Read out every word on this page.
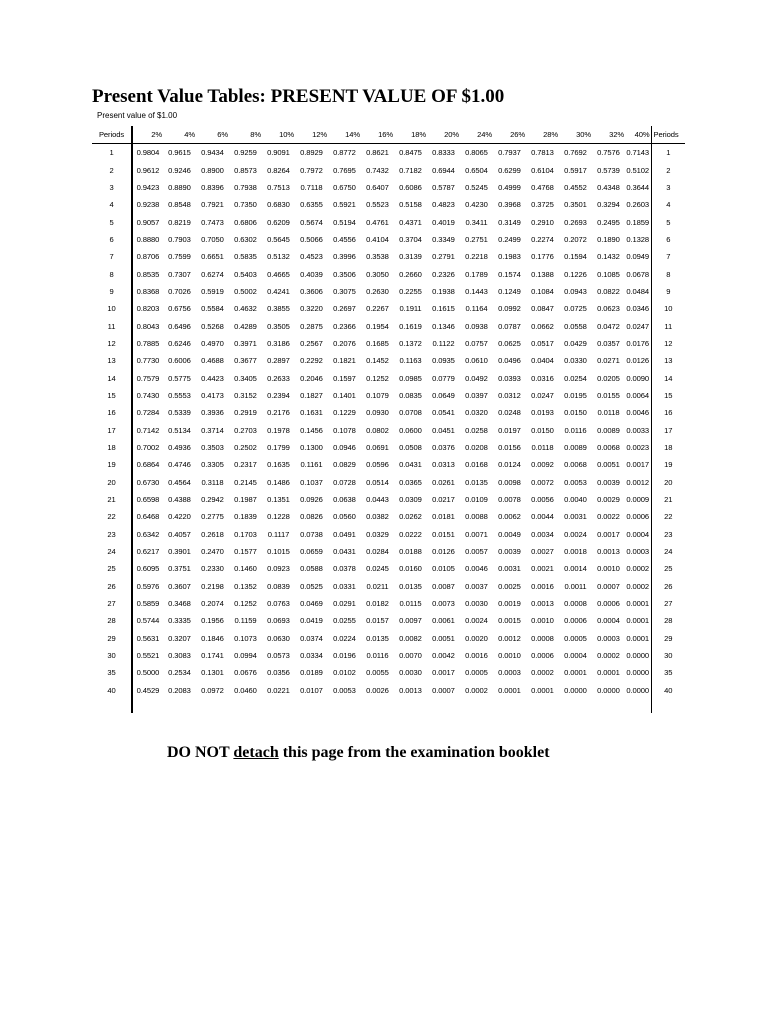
Present Value Tables: PRESENT VALUE OF $1.00
Present value of $1.00
Periods	2%	4%	6%	8%	10%	12%	14%	16%	18%	20%	24%	26%	28%	30%	32%	40%	Periods
1	0.9804	0.9615	0.9434	0.9259	0.9091	0.8929	0.8772	0.8621	0.8475	0.8333	0.8065	0.7937	0.7813	0.7692	0.7576	0.7143	1
2	0.9612	0.9246	0.8900	0.8573	0.8264	0.7972	0.7695	0.7432	0.7182	0.6944	0.6504	0.6299	0.6104	0.5917	0.5739	0.5102	2
3	0.9423	0.8890	0.8396	0.7938	0.7513	0.7118	0.6750	0.6407	0.6086	0.5787	0.5245	0.4999	0.4768	0.4552	0.4348	0.3644	3
4	0.9238	0.8548	0.7921	0.7350	0.6830	0.6355	0.5921	0.5523	0.5158	0.4823	0.4230	0.3968	0.3725	0.3501	0.3294	0.2603	4
5	0.9057	0.8219	0.7473	0.6806	0.6209	0.5674	0.5194	0.4761	0.4371	0.4019	0.3411	0.3149	0.2910	0.2693	0.2495	0.1859	5
6	0.8880	0.7903	0.7050	0.6302	0.5645	0.5066	0.4556	0.4104	0.3704	0.3349	0.2751	0.2499	0.2274	0.2072	0.1890	0.1328	6
7	0.8706	0.7599	0.6651	0.5835	0.5132	0.4523	0.3996	0.3538	0.3139	0.2791	0.2218	0.1983	0.1776	0.1594	0.1432	0.0949	7
8	0.8535	0.7307	0.6274	0.5403	0.4665	0.4039	0.3506	0.3050	0.2660	0.2326	0.1789	0.1574	0.1388	0.1226	0.1085	0.0678	8
9	0.8368	0.7026	0.5919	0.5002	0.4241	0.3606	0.3075	0.2630	0.2255	0.1938	0.1443	0.1249	0.1084	0.0943	0.0822	0.0484	9
10	0.8203	0.6756	0.5584	0.4632	0.3855	0.3220	0.2697	0.2267	0.1911	0.1615	0.1164	0.0992	0.0847	0.0725	0.0623	0.0346	10
11	0.8043	0.6496	0.5268	0.4289	0.3505	0.2875	0.2366	0.1954	0.1619	0.1346	0.0938	0.0787	0.0662	0.0558	0.0472	0.0247	11
12	0.7885	0.6246	0.4970	0.3971	0.3186	0.2567	0.2076	0.1685	0.1372	0.1122	0.0757	0.0625	0.0517	0.0429	0.0357	0.0176	12
13	0.7730	0.6006	0.4688	0.3677	0.2897	0.2292	0.1821	0.1452	0.1163	0.0935	0.0610	0.0496	0.0404	0.0330	0.0271	0.0126	13
14	0.7579	0.5775	0.4423	0.3405	0.2633	0.2046	0.1597	0.1252	0.0985	0.0779	0.0492	0.0393	0.0316	0.0254	0.0205	0.0090	14
15	0.7430	0.5553	0.4173	0.3152	0.2394	0.1827	0.1401	0.1079	0.0835	0.0649	0.0397	0.0312	0.0247	0.0195	0.0155	0.0064	15
16	0.7284	0.5339	0.3936	0.2919	0.2176	0.1631	0.1229	0.0930	0.0708	0.0541	0.0320	0.0248	0.0193	0.0150	0.0118	0.0046	16
17	0.7142	0.5134	0.3714	0.2703	0.1978	0.1456	0.1078	0.0802	0.0600	0.0451	0.0258	0.0197	0.0150	0.0116	0.0089	0.0033	17
18	0.7002	0.4936	0.3503	0.2502	0.1799	0.1300	0.0946	0.0691	0.0508	0.0376	0.0208	0.0156	0.0118	0.0089	0.0068	0.0023	18
19	0.6864	0.4746	0.3305	0.2317	0.1635	0.1161	0.0829	0.0596	0.0431	0.0313	0.0168	0.0124	0.0092	0.0068	0.0051	0.0017	19
20	0.6730	0.4564	0.3118	0.2145	0.1486	0.1037	0.0728	0.0514	0.0365	0.0261	0.0135	0.0098	0.0072	0.0053	0.0039	0.0012	20
21	0.6598	0.4388	0.2942	0.1987	0.1351	0.0926	0.0638	0.0443	0.0309	0.0217	0.0109	0.0078	0.0056	0.0040	0.0029	0.0009	21
22	0.6468	0.4220	0.2775	0.1839	0.1228	0.0826	0.0560	0.0382	0.0262	0.0181	0.0088	0.0062	0.0044	0.0031	0.0022	0.0006	22
23	0.6342	0.4057	0.2618	0.1703	0.1117	0.0738	0.0491	0.0329	0.0222	0.0151	0.0071	0.0049	0.0034	0.0024	0.0017	0.0004	23
24	0.6217	0.3901	0.2470	0.1577	0.1015	0.0659	0.0431	0.0284	0.0188	0.0126	0.0057	0.0039	0.0027	0.0018	0.0013	0.0003	24
25	0.6095	0.3751	0.2330	0.1460	0.0923	0.0588	0.0378	0.0245	0.0160	0.0105	0.0046	0.0031	0.0021	0.0014	0.0010	0.0002	25
26	0.5976	0.3607	0.2198	0.1352	0.0839	0.0525	0.0331	0.0211	0.0135	0.0087	0.0037	0.0025	0.0016	0.0011	0.0007	0.0002	26
27	0.5859	0.3468	0.2074	0.1252	0.0763	0.0469	0.0291	0.0182	0.0115	0.0073	0.0030	0.0019	0.0013	0.0008	0.0006	0.0001	27
28	0.5744	0.3335	0.1956	0.1159	0.0693	0.0419	0.0255	0.0157	0.0097	0.0061	0.0024	0.0015	0.0010	0.0006	0.0004	0.0001	28
29	0.5631	0.3207	0.1846	0.1073	0.0630	0.0374	0.0224	0.0135	0.0082	0.0051	0.0020	0.0012	0.0008	0.0005	0.0003	0.0001	29
30	0.5521	0.3083	0.1741	0.0994	0.0573	0.0334	0.0196	0.0116	0.0070	0.0042	0.0016	0.0010	0.0006	0.0004	0.0002	0.0000	30
35	0.5000	0.2534	0.1301	0.0676	0.0356	0.0189	0.0102	0.0055	0.0030	0.0017	0.0005	0.0003	0.0002	0.0001	0.0001	0.0000	35
40	0.4529	0.2083	0.0972	0.0460	0.0221	0.0107	0.0053	0.0026	0.0013	0.0007	0.0002	0.0001	0.0001	0.0000	0.0000	0.0000	40
DO NOT detach this page from the examination booklet
